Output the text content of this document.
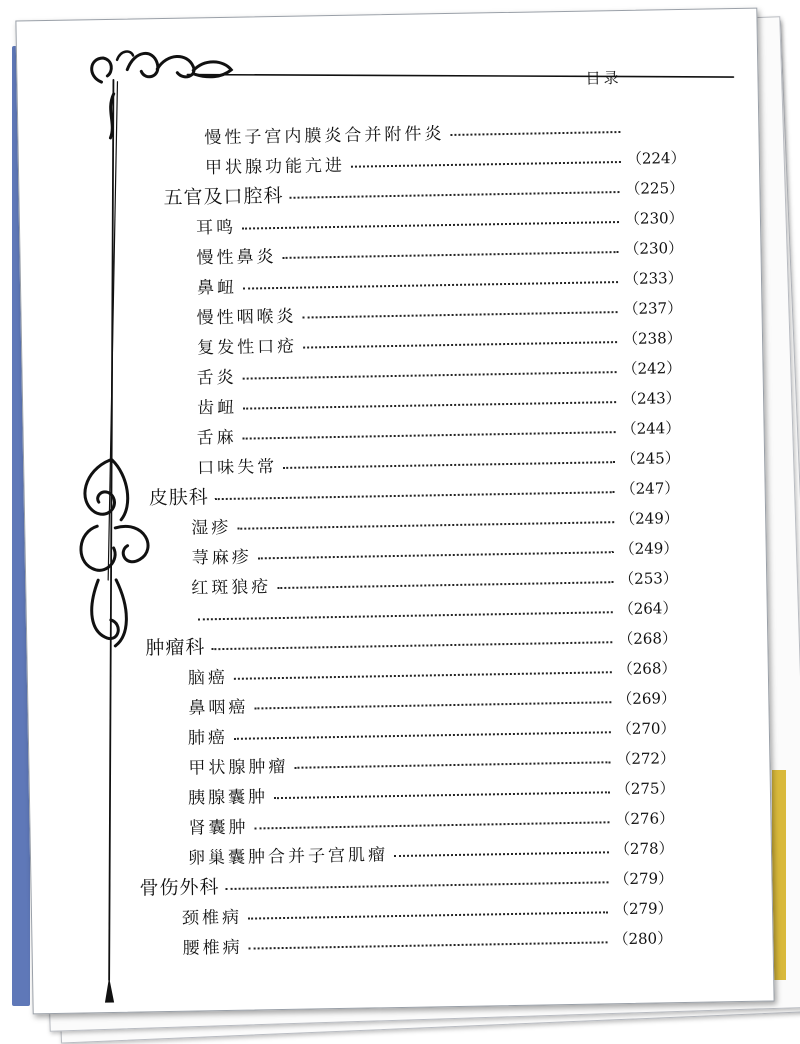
目录
慢性子宫内膜炎合并附件炎
甲状腺功能亢进	（224）
五官及口腔科	（225）
耳鸣	（230）
慢性鼻炎	（230）
鼻衄	（233）
慢性咽喉炎	（237）
复发性口疮	（238）
舌炎	（242）
齿衄	（243）
舌麻	（244）
口味失常	（245）
皮肤科	（247）
湿疹	（249）
荨麻疹	（249）
红斑狼疮	（253）
（264）
肿瘤科	（268）
脑癌	（268）
鼻咽癌	（269）
肺癌	（270）
甲状腺肿瘤	（272）
胰腺囊肿	（275）
肾囊肿	（276）
卵巢囊肿合并子宫肌瘤	（278）
骨伤外科	（279）
颈椎病	（279）
腰椎病	（280）
